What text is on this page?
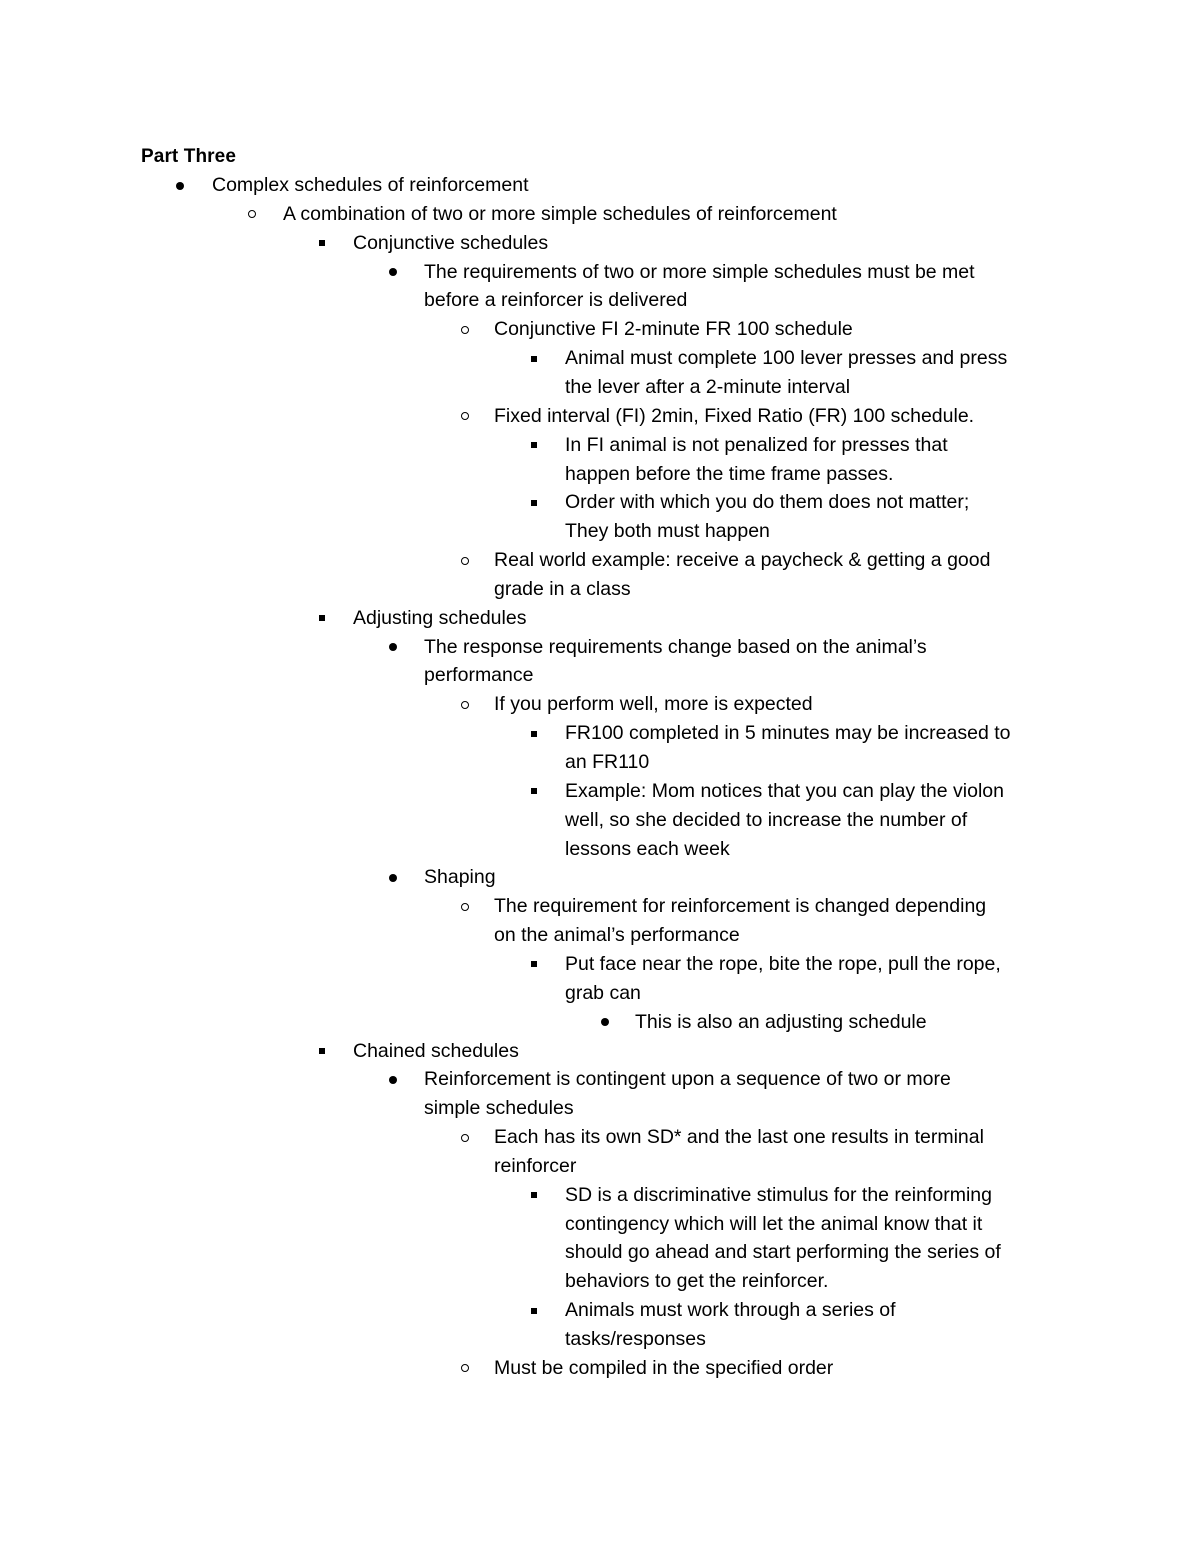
Part Three
Complex schedules of reinforcement
A combination of two or more simple schedules of reinforcement
Conjunctive schedules
The requirements of two or more simple schedules must be met
before a reinforcer is delivered
Conjunctive FI 2-minute FR 100 schedule
Animal must complete 100 lever presses and press
the lever after a 2-minute interval
Fixed interval (FI) 2min, Fixed Ratio (FR) 100 schedule.
In FI animal is not penalized for presses that
happen before the time frame passes.
Order with which you do them does not matter;
They both must happen
Real world example: receive a paycheck & getting a good
grade in a class
Adjusting schedules
The response requirements change based on the animal’s
performance
If you perform well, more is expected
FR100 completed in 5 minutes may be increased to
an FR110
Example: Mom notices that you can play the violon
well, so she decided to increase the number of
lessons each week
Shaping
The requirement for reinforcement is changed depending
on the animal’s performance
Put face near the rope, bite the rope, pull the rope,
grab can
This is also an adjusting schedule
Chained schedules
Reinforcement is contingent upon a sequence of two or more
simple schedules
Each has its own SD* and the last one results in terminal
reinforcer
SD is a discriminative stimulus for the reinforming
contingency which will let the animal know that it
should go ahead and start performing the series of
behaviors to get the reinforcer.
Animals must work through a series of
tasks/responses
Must be compiled in the specified order
